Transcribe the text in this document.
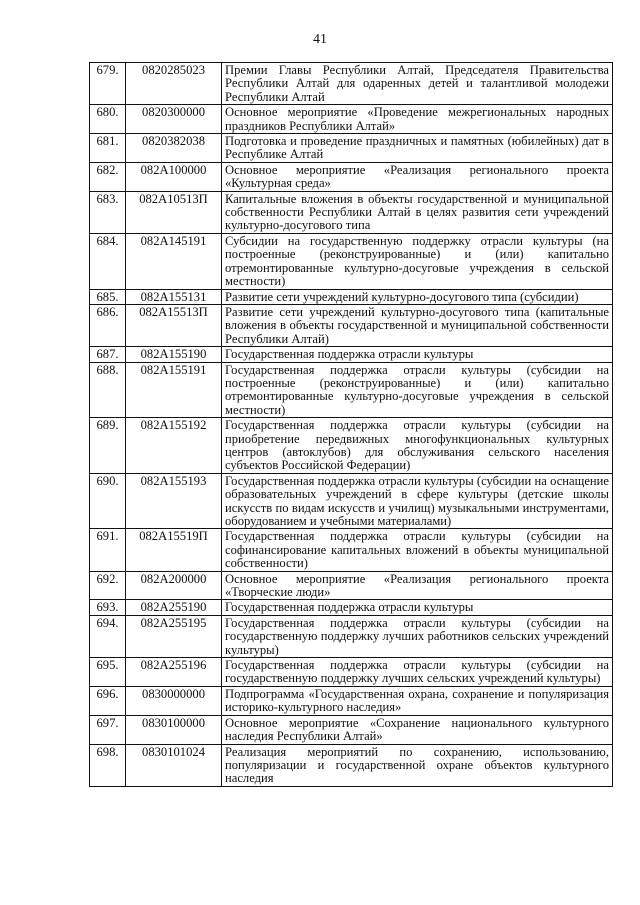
41
679.	0820285023	Премии Главы Республики Алтай, Председателя Правительства Республики Алтай для одаренных детей и талантливой молодежи Республики Алтай
680.	0820300000	Основное мероприятие «Проведение межрегиональных народных праздников Республики Алтай»
681.	0820382038	Подготовка и проведение праздничных и памятных (юбилейных) дат в Республике Алтай
682.	082А100000	Основное мероприятие «Реализация регионального проекта «Культурная среда»
683.	082А10513П	Капитальные вложения в объекты государственной и муниципальной собственности Республики Алтай в целях развития сети учреждений культурно-досугового типа
684.	082А145191	Субсидии на государственную поддержку отрасли культуры (на построенные (реконструированные) и (или) капитально отремонтированные культурно-досуговые учреждения в сельской местности)
685.	082А155131	Развитие сети учреждений культурно-досугового типа (субсидии)
686.	082А15513П	Развитие сети учреждений культурно-досугового типа (капитальные вложения в объекты государственной и муниципальной собственности Республики Алтай)
687.	082А155190	Государственная поддержка отрасли культуры
688.	082А155191	Государственная поддержка отрасли культуры (субсидии на построенные (реконструированные) и (или) капитально отремонтированные культурно-досуговые учреждения в сельской местности)
689.	082А155192	Государственная поддержка отрасли культуры (субсидии на приобретение передвижных многофункциональных культурных центров (автоклубов) для обслуживания сельского населения субъектов Российской Федерации)
690.	082А155193	Государственная поддержка отрасли культуры (субсидии на оснащение образовательных учреждений в сфере культуры (детские школы искусств по видам искусств и училищ) музыкальными инструментами, оборудованием и учебными материалами)
691.	082А15519П	Государственная поддержка отрасли культуры (субсидии на софинансирование капитальных вложений в объекты муниципальной собственности)
692.	082А200000	Основное мероприятие «Реализация регионального проекта «Творческие люди»
693.	082А255190	Государственная поддержка отрасли культуры
694.	082А255195	Государственная поддержка отрасли культуры (субсидии на государственную поддержку лучших работников сельских учреждений культуры)
695.	082А255196	Государственная поддержка отрасли культуры (субсидии на государственную поддержку лучших сельских учреждений культуры)
696.	0830000000	Подпрограмма «Государственная охрана, сохранение и популяризация историко-культурного наследия»
697.	0830100000	Основное мероприятие «Сохранение национального культурного наследия Республики Алтай»
698.	0830101024	Реализация мероприятий по сохранению, использованию, популяризации и государственной охране объектов культурного наследия
